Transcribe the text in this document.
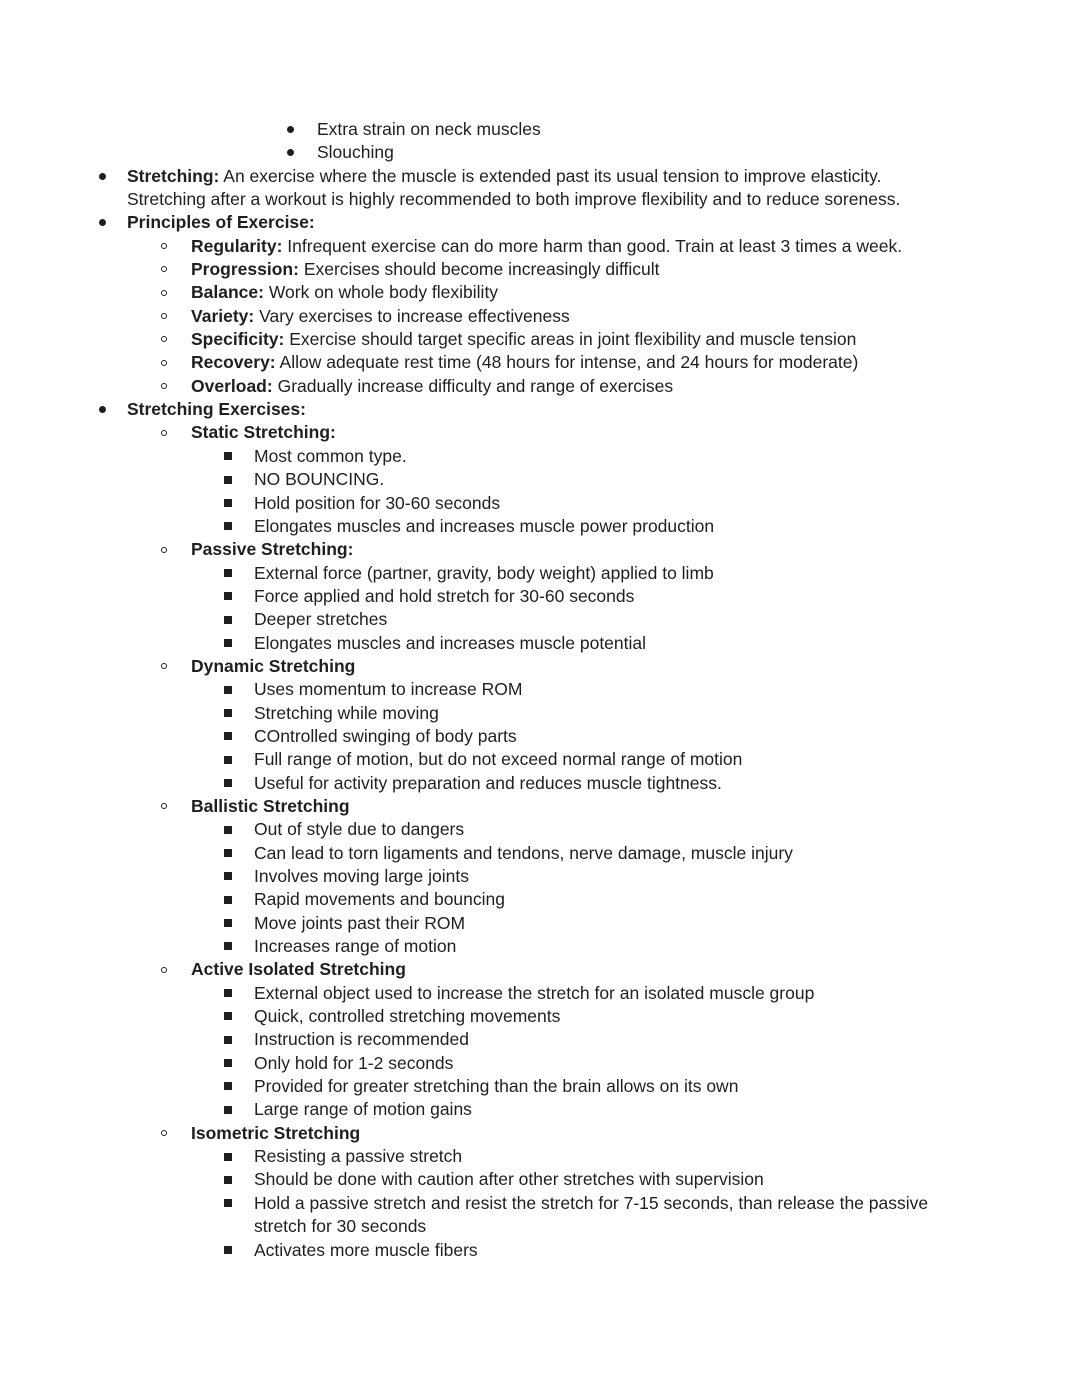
Extra strain on neck muscles
Slouching
Stretching: An exercise where the muscle is extended past its usual tension to improve elasticity.
Stretching after a workout is highly recommended to both improve flexibility and to reduce soreness.
Principles of Exercise:
Regularity: Infrequent exercise can do more harm than good. Train at least 3 times a week.
Progression: Exercises should become increasingly difficult
Balance: Work on whole body flexibility
Variety: Vary exercises to increase effectiveness
Specificity: Exercise should target specific areas in joint flexibility and muscle tension
Recovery: Allow adequate rest time (48 hours for intense, and 24 hours for moderate)
Overload: Gradually increase difficulty and range of exercises
Stretching Exercises:
Static Stretching:
Most common type.
NO BOUNCING.
Hold position for 30-60 seconds
Elongates muscles and increases muscle power production
Passive Stretching:
External force (partner, gravity, body weight) applied to limb
Force applied and hold stretch for 30-60 seconds
Deeper stretches
Elongates muscles and increases muscle potential
Dynamic Stretching
Uses momentum to increase ROM
Stretching while moving
COntrolled swinging of body parts
Full range of motion, but do not exceed normal range of motion
Useful for activity preparation and reduces muscle tightness.
Ballistic Stretching
Out of style due to dangers
Can lead to torn ligaments and tendons, nerve damage, muscle injury
Involves moving large joints
Rapid movements and bouncing
Move joints past their ROM
Increases range of motion
Active Isolated Stretching
External object used to increase the stretch for an isolated muscle group
Quick, controlled stretching movements
Instruction is recommended
Only hold for 1-2 seconds
Provided for greater stretching than the brain allows on its own
Large range of motion gains
Isometric Stretching
Resisting a passive stretch
Should be done with caution after other stretches with supervision
Hold a passive stretch and resist the stretch for 7-15 seconds, than release the passive
stretch for 30 seconds
Activates more muscle fibers
